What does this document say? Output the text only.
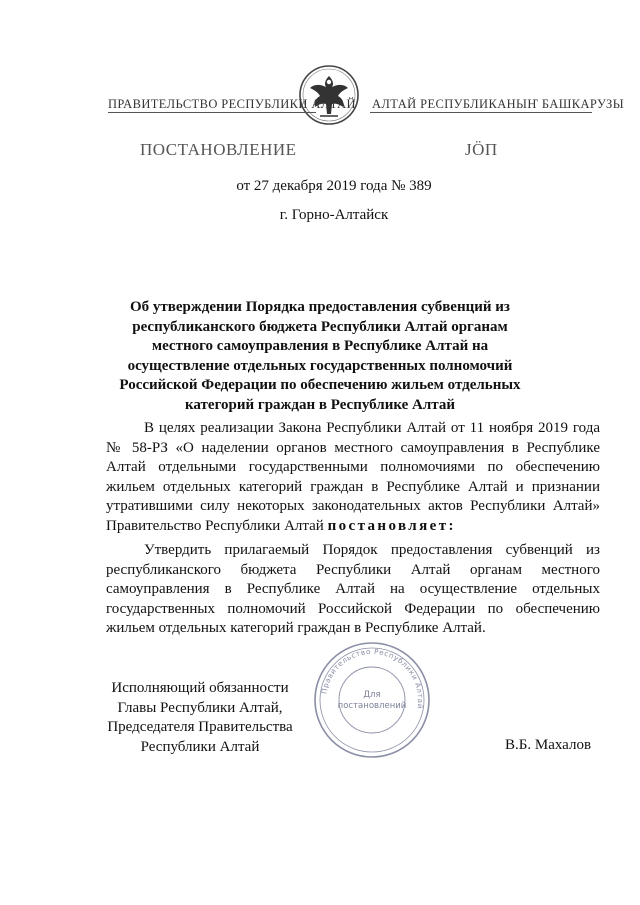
ПРАВИТЕЛЬСТВО РЕСПУБЛИКИ АЛТАЙ АЛТАЙ РЕСПУБЛИКАНЫҤ БАШКАРУЗЫ
ПОСТАНОВЛЕНИЕ	ЈӦП
от 27 декабря 2019 года № 389
г. Горно-Алтайск
Об утверждении Порядка предоставления субвенций из республиканского бюджета Республики Алтай органам местного самоуправления в Республике Алтай на осуществление отдельных государственных полномочий Российской Федерации по обеспечению жильем отдельных категорий граждан в Республике Алтай
В целях реализации Закона Республики Алтай от 11 ноября 2019 года № 58-РЗ «О наделении органов местного самоуправления в Республике Алтай отдельными государственными полномочиями по обеспечению жильем отдельных категорий граждан в Республике Алтай и признании утратившими силу некоторых законодательных актов Республики Алтай» Правительство Республики Алтай постановляет:
Утвердить прилагаемый Порядок предоставления субвенций из республиканского бюджета Республики Алтай органам местного самоуправления в Республике Алтай на осуществление отдельных государственных полномочий Российской Федерации по обеспечению жильем отдельных категорий граждан в Республике Алтай.
Правительство Республики Алтай
Для
постановлений
Исполняющий обязанности
Главы Республики Алтай,
Председателя Правительства
Республики Алтай	В.Б. Махалов
